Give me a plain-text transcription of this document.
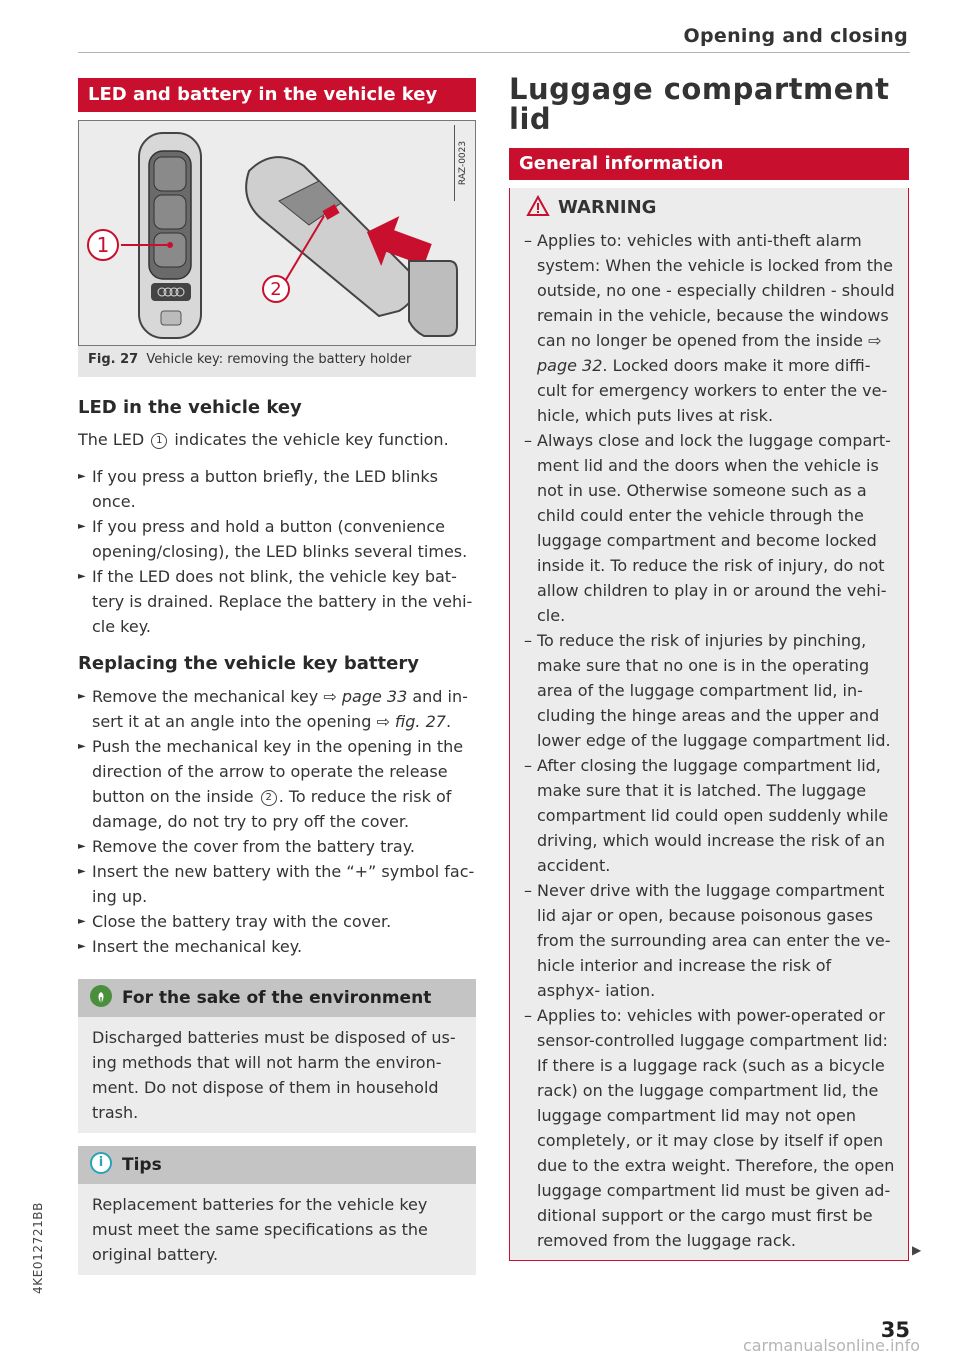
Opening and closing
4KE012721BB
LED and battery in the vehicle key
1
2
RAZ-0023
Fig. 27 Vehicle key: removing the battery holder
LED in the vehicle key

The LED 1 indicates the vehicle key function.

► If you press a button briefly, the LED blinks once.
► If you press and hold a button (convenience opening/closing), the LED blinks several times.
► If the LED does not blink, the vehicle key bat- tery is drained. Replace the battery in the vehi- cle key.
Replacing the vehicle key battery
► Remove the mechanical key ⇨ page 33 and in- sert it at an angle into the opening ⇨ fig. 27.
► Push the mechanical key in the opening in the direction of the arrow to operate the release button on the inside 2 . To reduce the risk of damage, do not try to pry off the cover.
► Remove the cover from the battery tray.
► Insert the new battery with the “+” symbol fac- ing up.
► Close the battery tray with the cover.
► Insert the mechanical key.
For the sake of the environment
Discharged batteries must be disposed of us- ing methods that will not harm the environ- ment. Do not dispose of them in household trash.
i Tips
Replacement batteries for the vehicle key must meet the same specifications as the original battery.
Luggage compartment
lid
General information
WARNING
– Applies to: vehicles with anti-theft alarm system: When the vehicle is locked from the outside, no one - especially children - should remain in the vehicle, because the windows can no longer be opened from the inside ⇨ page 32. Locked doors make it more diffi- cult for emergency workers to enter the ve- hicle, which puts lives at risk.
– Always close and lock the luggage compart- ment lid and the doors when the vehicle is not in use. Otherwise someone such as a child could enter the vehicle through the luggage compartment and become locked inside it. To reduce the risk of injury, do not allow children to play in or around the vehi- cle.
– To reduce the risk of injuries by pinching, make sure that no one is in the operating area of the luggage compartment lid, in- cluding the hinge areas and the upper and lower edge of the luggage compartment lid.
– After closing the luggage compartment lid, make sure that it is latched. The luggage compartment lid could open suddenly while driving, which would increase the risk of an accident.
– Never drive with the luggage compartment lid ajar or open, because poisonous gases from the surrounding area can enter the ve- hicle interior and increase the risk of asphyx- iation.
– Applies to: vehicles with power-operated or sensor-controlled luggage compartment lid: If there is a luggage rack (such as a bicycle rack) on the luggage compartment lid, the luggage compartment lid may not open completely, or it may close by itself if open due to the extra weight. Therefore, the open luggage compartment lid must be given ad- ditional support or the cargo must first be removed from the luggage rack.	▶
35
carmanualsonline.info
